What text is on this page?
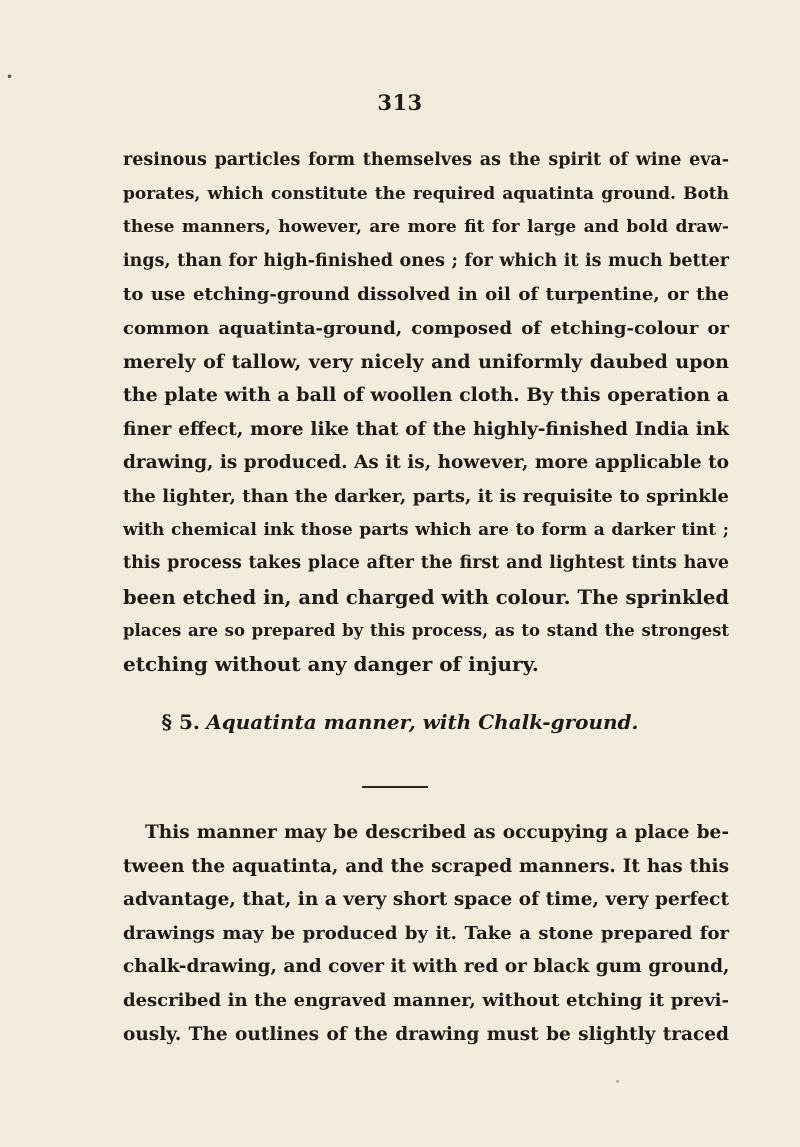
•
313
resinous particles form themselves as the spirit of wine eva-
porates, which constitute the required aquatinta ground. Both
these manners, however, are more fit for large and bold draw-
ings, than for high-finished ones ; for which it is much better
to use etching-ground dissolved in oil of turpentine, or the
common aquatinta-ground, composed of etching-colour or
merely of tallow, very nicely and uniformly daubed upon
the plate with a ball of woollen cloth. By this operation a
finer effect, more like that of the highly-finished India ink
drawing, is produced. As it is, however, more applicable to
the lighter, than the darker, parts, it is requisite to sprinkle
with chemical ink those parts which are to form a darker tint ;
this process takes place after the first and lightest tints have
been etched in, and charged with colour. The sprinkled
places are so prepared by this process, as to stand the strongest
etching without any danger of injury.
§ 5. Aquatinta manner, with Chalk-ground.
This manner may be described as occupying a place be-
tween the aquatinta, and the scraped manners. It has this
advantage, that, in a very short space of time, very perfect
drawings may be produced by it. Take a stone prepared for
chalk-drawing, and cover it with red or black gum ground,
described in the engraved manner, without etching it previ-
ously. The outlines of the drawing must be slightly traced
